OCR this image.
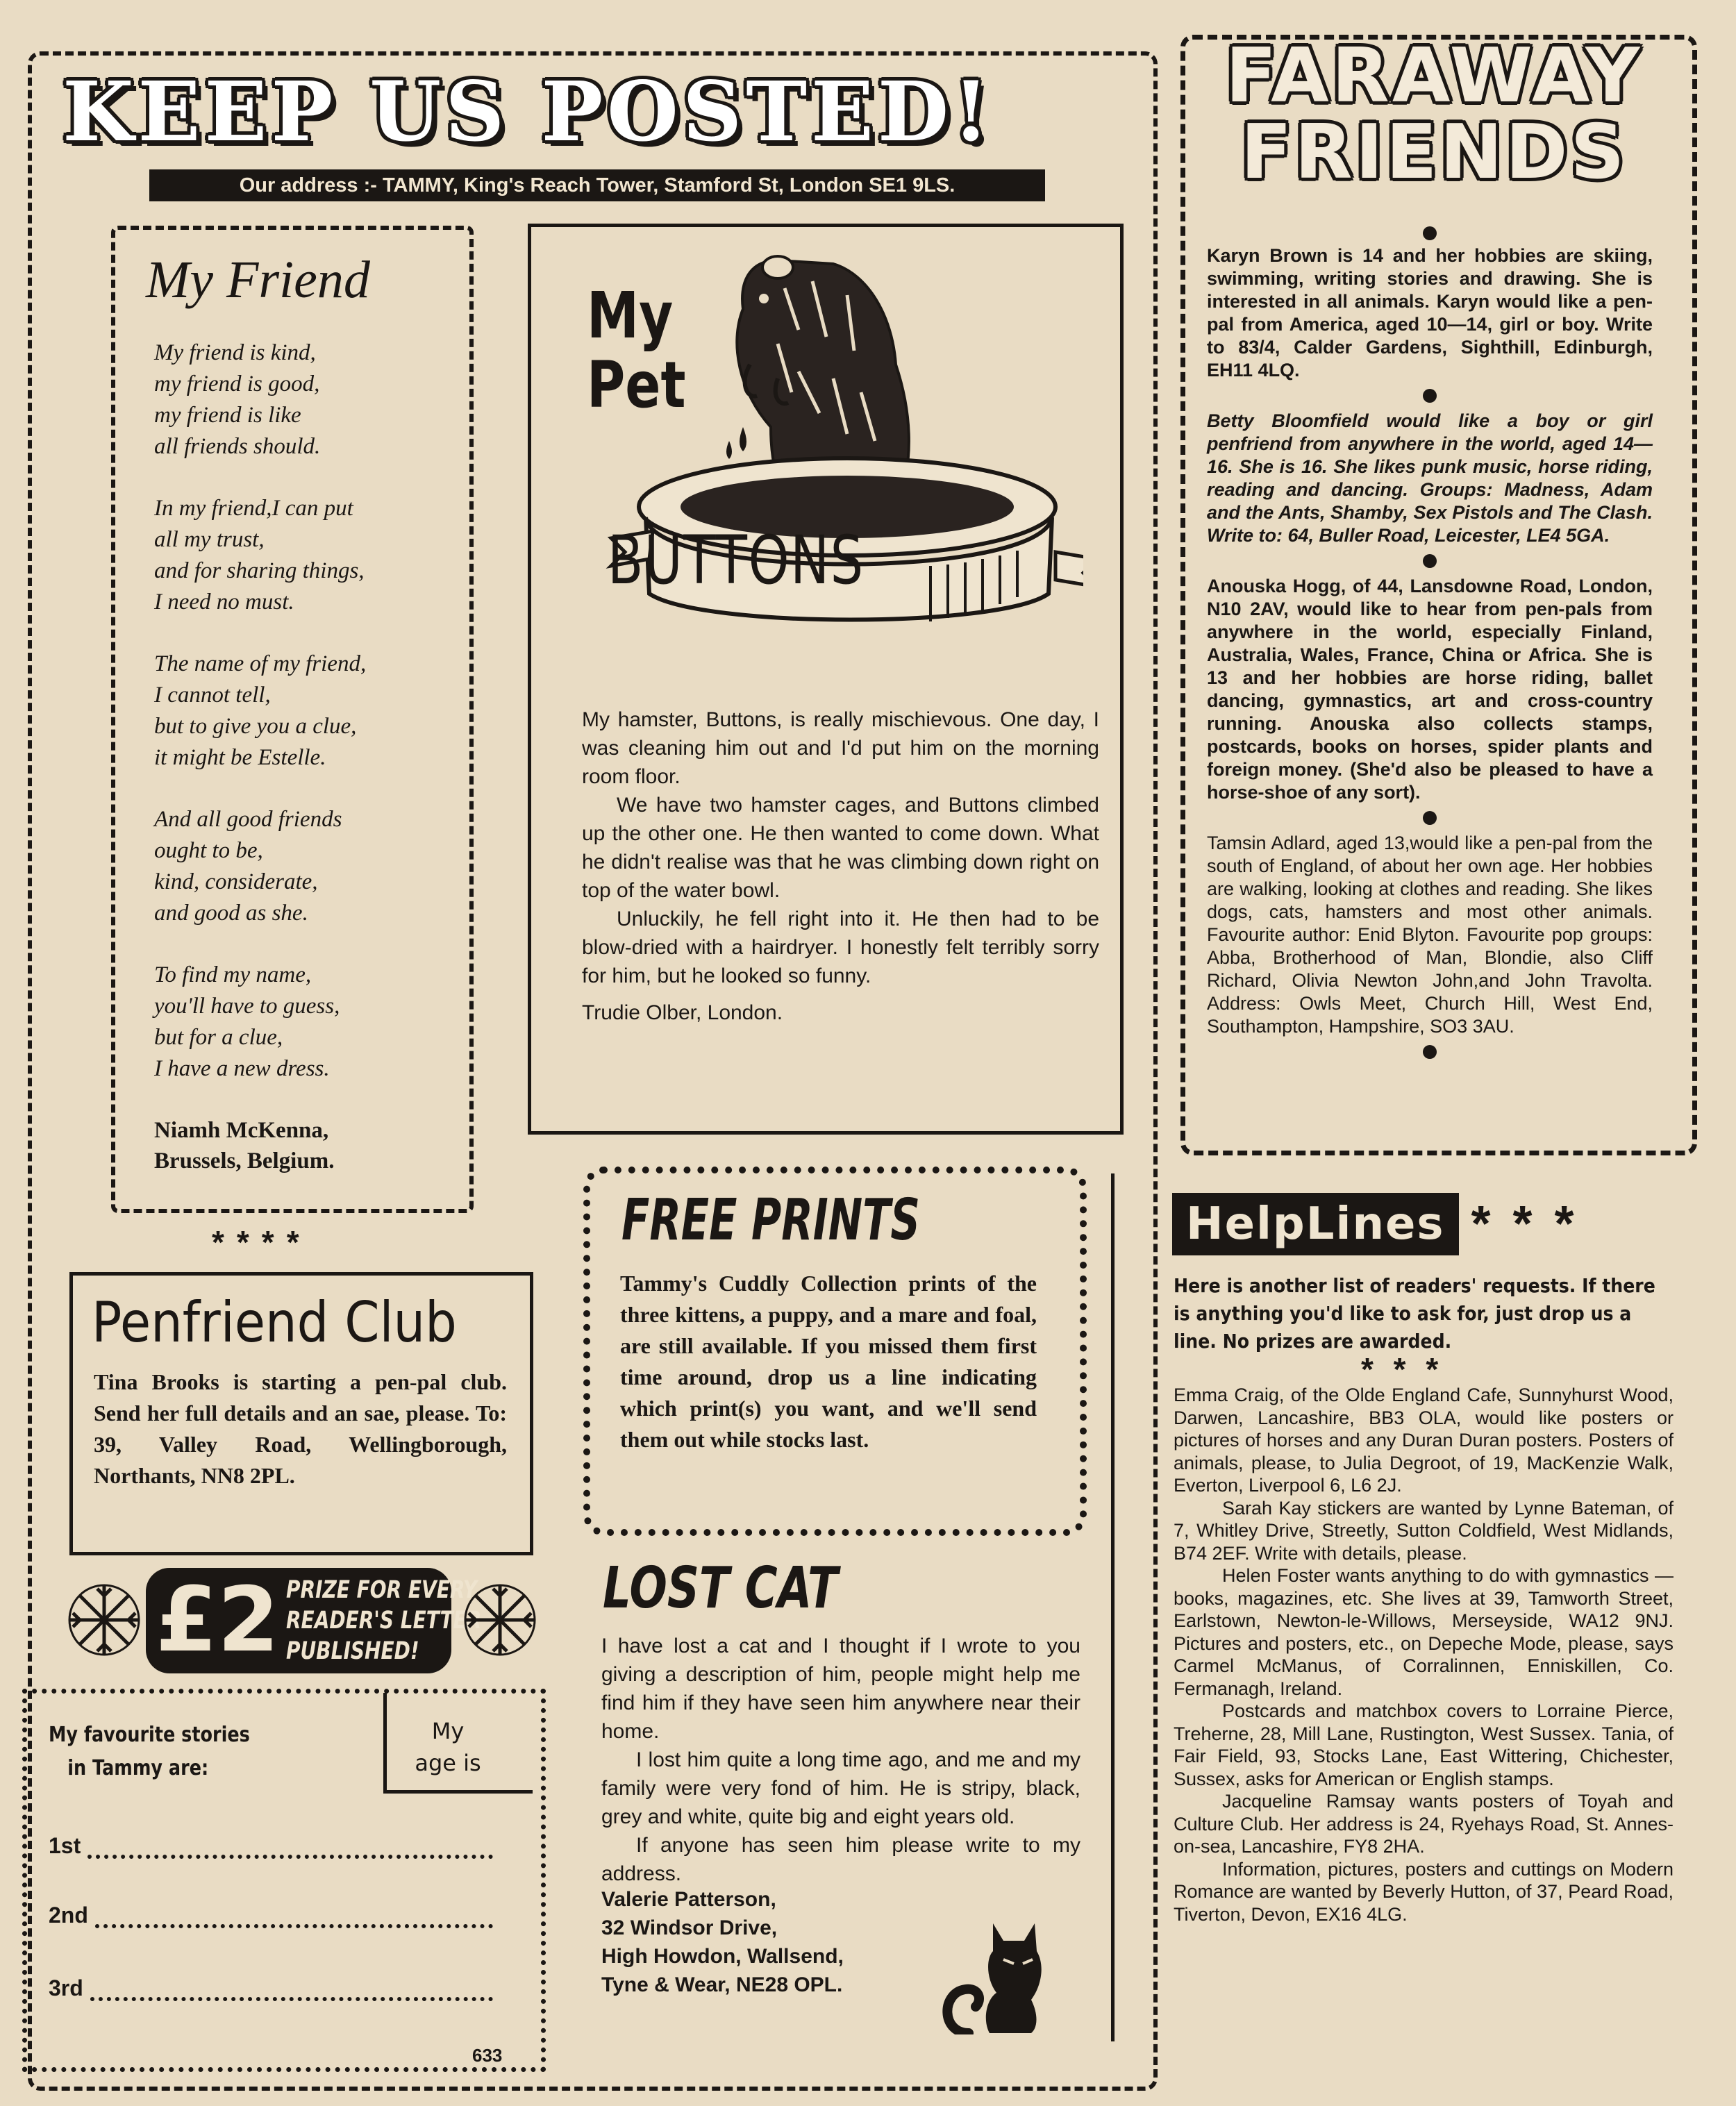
KEEP US POSTED!
Our address :- TAMMY, King's Reach Tower, Stamford St, London SE1 9LS.
My Friend

My friend is kind,

my friend is good,

my friend is like

all friends should.

In my friend,I can put

all my trust,

and for sharing things,

I need no must.

The name of my friend,

I cannot tell,

but to give you a clue,

it might be Estelle.

And all good friends

ought to be,

kind, considerate,

and good as she.

To find my name,

you'll have to guess,

but for a clue,

I have a new dress.

Niamh McKenna,

Brussels, Belgium.

****

My

Pet

BUTTONS

My hamster, Buttons, is really mischievous. One day, I was cleaning him out and I'd put him on the morning room floor.

We have two hamster cages, and Buttons climbed up the other one. He then wanted to come down. What he didn't realise was that he was climbing down right on top of the water bowl.

Unluckily, he fell right into it. He then had to be blow-dried with a hairdryer. I honestly felt terribly sorry for him, but he looked so funny.

Trudie Olber, London.

FARAWAY

FRIENDS

Karyn Brown is 14 and her hobbies are skiing, swimming, writing stories and drawing. She is interested in all animals. Karyn would like a pen-pal from America, aged 10—14, girl or boy. Write to 83/4, Calder Gardens, Sighthill, Edinburgh, EH11 4LQ.

Betty Bloomfield would like a boy or girl penfriend from anywhere in the world, aged 14—16. She is 16. She likes punk music, horse riding, reading and dancing. Groups: Madness, Adam and the Ants, Shamby, Sex Pistols and The Clash. Write to: 64, Buller Road, Leicester, LE4 5GA.

Anouska Hogg, of 44, Lansdowne Road, London, N10 2AV, would like to hear from pen-pals from anywhere in the world, especially Finland, Australia, Wales, France, China or Africa. She is 13 and her hobbies are horse riding, ballet dancing, gymnastics, art and cross-country running. Anouska also collects stamps, postcards, books on horses, spider plants and foreign money. (She'd also be pleased to have a horse-shoe of any sort).

Tamsin Adlard, aged 13,would like a pen-pal from the south of England, of about her own age. Her hobbies are walking, looking at clothes and reading. She likes dogs, cats, hamsters and most other animals. Favourite author: Enid Blyton. Favourite pop groups: Abba, Brotherhood of Man, Blondie, also Cliff Richard, Olivia Newton John,and John Travolta. Address: Owls Meet, Church Hill, West End, Southampton, Hampshire, SO3 3AU.

Penfriend Club
Tina Brooks is starting a pen-pal club. Send her full details and an sae, please. To: 39, Valley Road, Wellingborough, Northants, NN8 2PL.
FREE PRINTS
Tammy's Cuddly Collection prints of the three kittens, a puppy, and a mare and foal, are still available. If you missed them first time around, drop us a line indicating which print(s) you want, and we'll send them out while stocks last.
HelpLines * * *
Here is another list of readers' requests. If there is anything you'd like to ask for, just drop us a line. No prizes are awarded.
* * *

Emma Craig, of the Olde England Cafe, Sunnyhurst Wood, Darwen, Lancashire, BB3 OLA, would like posters or pictures of horses and any Duran Duran posters. Posters of animals, please, to Julia Degroot, of 19, MacKenzie Walk, Everton, Liverpool 6, L6 2J.

Sarah Kay stickers are wanted by Lynne Bateman, of 7, Whitley Drive, Streetly, Sutton Coldfield, West Midlands, B74 2EF. Write with details, please.

Helen Foster wants anything to do with gymnastics — books, magazines, etc. She lives at 39, Tamworth Street, Earlstown, Newton-le-Willows, Merseyside, WA12 9NJ. Pictures and posters, etc., on Depeche Mode, please, says Carmel McManus, of Corralinnen, Enniskillen, Co. Fermanagh, Ireland.

Postcards and matchbox covers to Lorraine Pierce, Treherne, 28, Mill Lane, Rustington, West Sussex. Tania, of Fair Field, 93, Stocks Lane, East Wittering, Chichester, Sussex, asks for American or English stamps.

Jacqueline Ramsay wants posters of Toyah and Culture Club. Her address is 24, Ryehays Road, St. Annes-on-sea, Lancashire, FY8 2HA.

Information, pictures, posters and cuttings on Modern Romance are wanted by Beverly Hutton, of 37, Peard Road, Tiverton, Devon, EX16 4LG.

£2 PRIZE FOR EVERY

READER'S LETTER

PUBLISHED!

My favourite stories

in Tammy are:

My

age is

1st
2nd
3rd
633
LOST CAT

I have lost a cat and I thought if I wrote to you giving a description of him, people might help me find him if they have seen him anywhere near their home.

I lost him quite a long time ago, and me and my family were very fond of him. He is stripy, black, grey and white, quite big and eight years old.

If anyone has seen him please write to my address.

Valerie Patterson,

32 Windsor Drive,

High Howdon, Wallsend,

Tyne & Wear, NE28 OPL.
